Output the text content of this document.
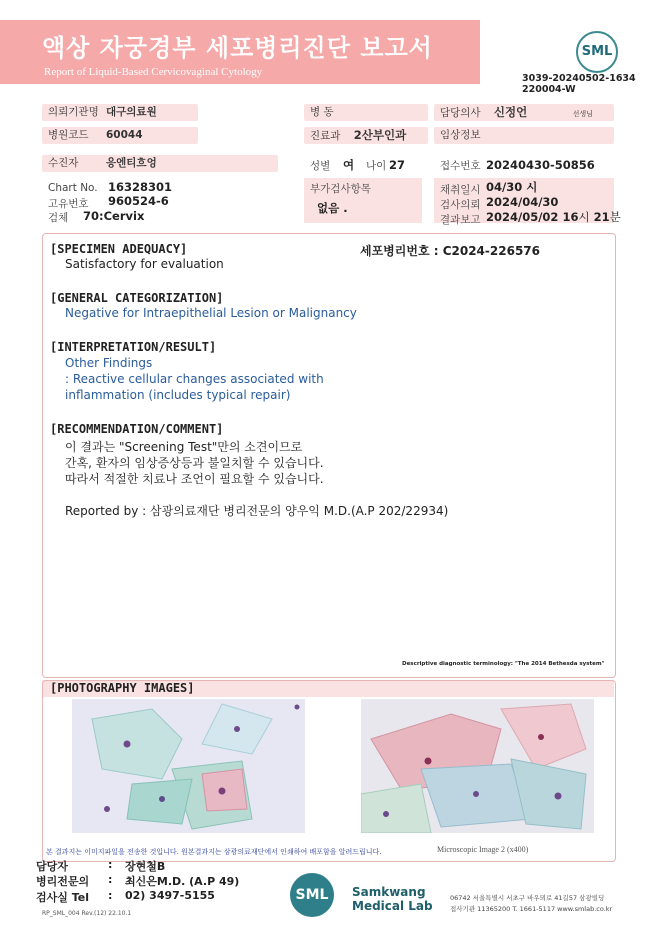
액상 자궁경부 세포병리진단 보고서
Report of Liquid-Based Cervicovaginal Cytology
SML
3039-20240502-1634
220004-W
의뢰기관명 대구의료원	병 동	담당의사 신정언	선생님
병원코드	60044	진료과 2산부인과	임상정보
수진자	응엔티흐엉	성별 여 나이 27	접수번호 20240430-50856
Chart No. 16328301
고유번호 960524-6
검체 70:Cervix
부가검사항목
없음 .
채취일시 04/30 시
검사의뢰 2024/04/30
결과보고 2024/05/02 16시 21분
[SPECIMEN ADEQUACY]	세포병리번호 : C2024-226576
Satisfactory for evaluation
[GENERAL CATEGORIZATION]
Negative for Intraepithelial Lesion or Malignancy
[INTERPRETATION/RESULT]
Other Findings
: Reactive cellular changes associated with
inflammation (includes typical repair)
[RECOMMENDATION/COMMENT]
이 결과는 "Screening Test"만의 소견이므로
간혹, 환자의 임상증상등과 불일치할 수 있습니다.
따라서 적절한 치료나 조언이 필요할 수 있습니다.
Reported by : 삼광의료재단 병리전문의 양우익 M.D.(A.P 202/22934)
Descriptive diagnostic terminology: "The 2014 Bethesda system"
[PHOTOGRAPHY IMAGES]
Microscopic Image 2 (x400)
본 결과지는 이미지파일을 전송한 것입니다. 원본결과지는 삼광의료재단에서 인쇄하여 배포함을 알려드립니다.
담당자	: 장현철B
병리전문의 : 최신은M.D. (A.P 49)
검사실 Tel : 02) 3497-5155	SML	Samkwang
Medical Lab
06742 서울특별시 서초구 바우뫼로 41길57 삼광빌딩
접사기관 11365200 T. 1661-5117 www.smlab.co.kr
RP_SML_004 Rev.(12) 22.10.1
